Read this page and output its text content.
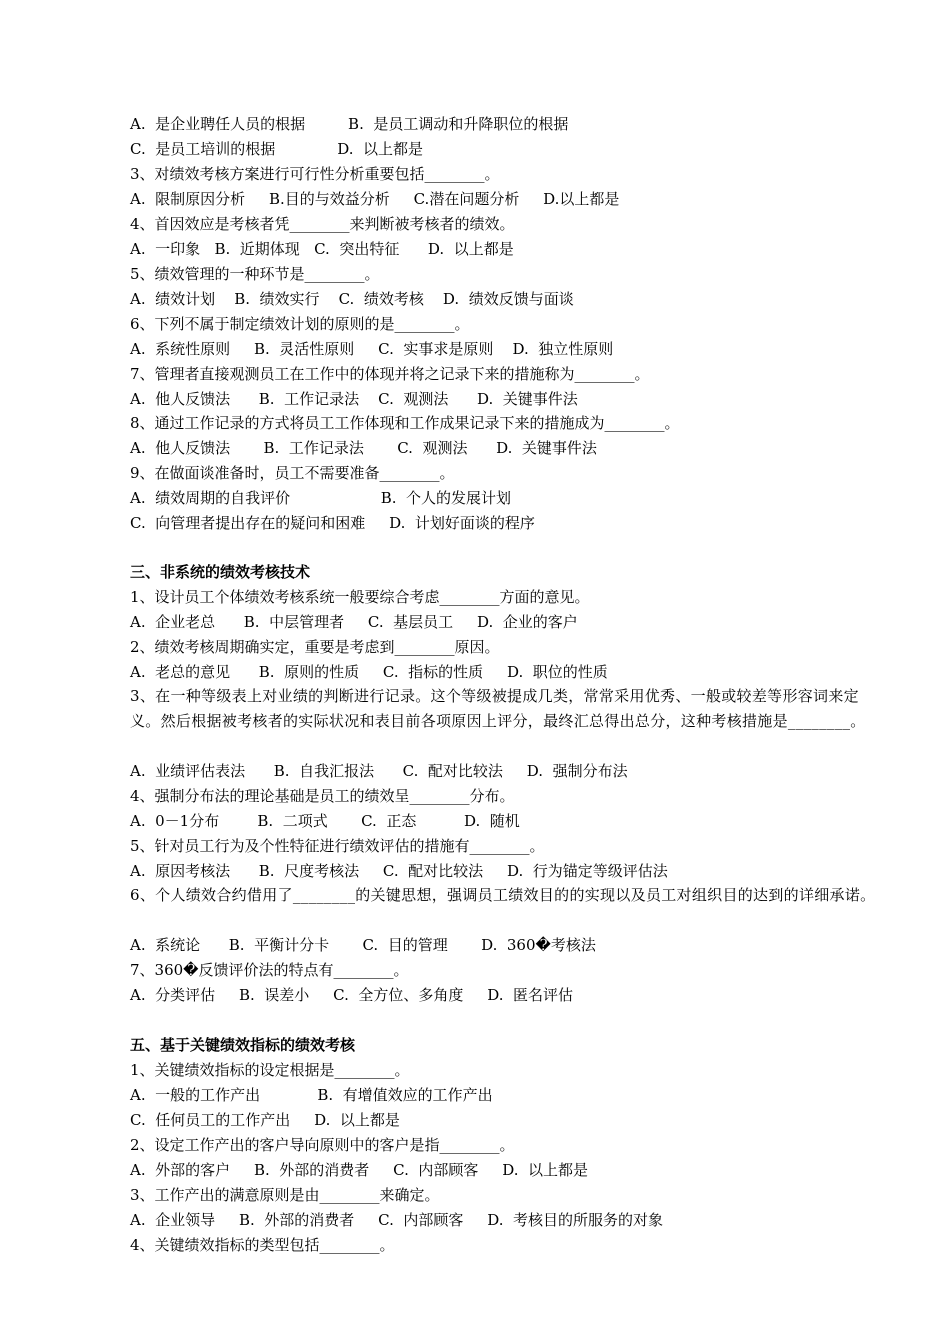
A.  是企业聘任人员的根据         B.  是员工调动和升降职位的根据
C.  是员工培训的根据             D.  以上都是
3、对绩效考核方案进行可行性分析重要包括________。
A.  限制原因分析     B.目的与效益分析     C.潜在问题分析     D.以上都是
4、首因效应是考核者凭________来判断被考核者的绩效。
A.  一印象   B.  近期体现   C.  突出特征      D.  以上都是
5、绩效管理的一种环节是________。
A.  绩效计划    B.  绩效实行    C.  绩效考核    D.  绩效反馈与面谈
6、下列不属于制定绩效计划的原则的是________。
A.  系统性原则     B.  灵活性原则     C.  实事求是原则    D.  独立性原则
7、管理者直接观测员工在工作中的体现并将之记录下来的措施称为________。
A.  他人反馈法      B.  工作记录法    C.  观测法      D.  关键事件法
8、通过工作记录的方式将员工工作体现和工作成果记录下来的措施成为________。
A.  他人反馈法       B.  工作记录法       C.  观测法      D.  关键事件法
9、在做面谈准备时，员工不需要准备________。
A.  绩效周期的自我评价                   B.  个人的发展计划
C.  向管理者提出存在的疑问和困难     D.  计划好面谈的程序
三、非系统的绩效考核技术
1、设计员工个体绩效考核系统一般要综合考虑________方面的意见。
A.  企业老总      B.  中层管理者     C.  基层员工     D.  企业的客户
2、绩效考核周期确实定，重要是考虑到________原因。
A.  老总的意见      B.  原则的性质     C.  指标的性质     D.  职位的性质
3、在一种等级表上对业绩的判断进行记录。这个等级被提成几类，常常采用优秀、一般或较差等形容词来定义。然后根据被考核者的实际状况和表目前各项原因上评分，最终汇总得出总分，这种考核措施是________。
A.  业绩评估表法      B.  自我汇报法      C.  配对比较法     D.  强制分布法
4、强制分布法的理论基础是员工的绩效呈________分布。
A.  0－1分布        B.  二项式       C.  正态          D.  随机
5、针对员工行为及个性特征进行绩效评估的措施有________。
A.  原因考核法      B.  尺度考核法     C.  配对比较法     D.  行为锚定等级评估法
6、个人绩效合约借用了________的关键思想，强调员工绩效目的的实现以及员工对组织目的达到的详细承诺。
A.  系统论      B.  平衡计分卡       C.  目的管理       D.  360�考核法
7、360�反馈评价法的特点有________。
A.  分类评估     B.  误差小     C.  全方位、多角度     D.  匿名评估
五、基于关键绩效指标的绩效考核
1、关键绩效指标的设定根据是________。
A.  一般的工作产出            B.  有增值效应的工作产出
C.  任何员工的工作产出     D.  以上都是
2、设定工作产出的客户导向原则中的客户是指________。
A.  外部的客户     B.  外部的消费者     C.  内部顾客     D.  以上都是
3、工作产出的满意原则是由________来确定。
A.  企业领导     B.  外部的消费者     C.  内部顾客     D.  考核目的所服务的对象
4、关键绩效指标的类型包括________。
